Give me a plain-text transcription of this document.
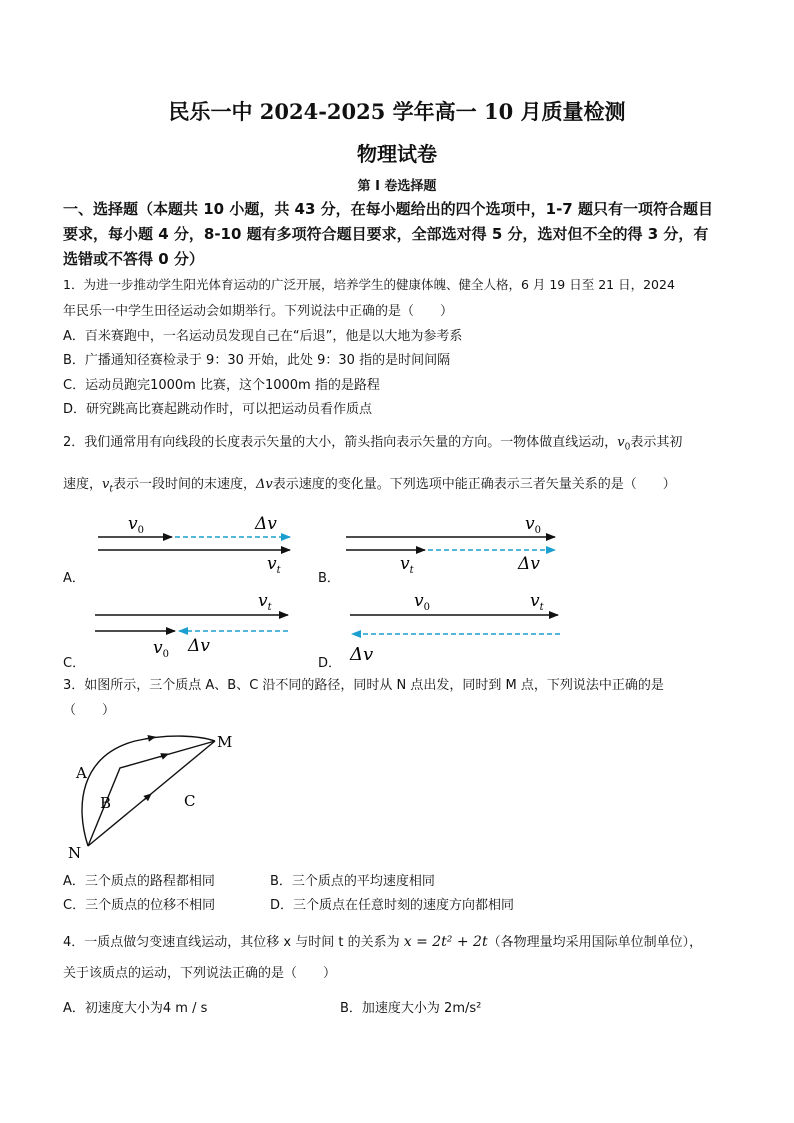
民乐一中 2024-2025 学年高一 10 月质量检测
物理试卷
第 I 卷选择题
一、选择题（本题共 10 小题，共 43 分，在每小题给出的四个选项中，1-7 题只有一项符合题目
要求，每小题 4 分，8-10 题有多项符合题目要求，全部选对得 5 分，选对但不全的得 3 分，有
选错或不答得 0 分）
1．为进一步推动学生阳光体育运动的广泛开展，培养学生的健康体魄、健全人格，6 月 19 日至 21 日，2024
年民乐一中学生田径运动会如期举行。下列说法中正确的是（　　）
A．百米赛跑中，一名运动员发现自己在“后退”，他是以大地为参考系
B．广播通知径赛检录于 9：30 开始，此处 9：30 指的是时间间隔
C．运动员跑完1000m 比赛，这个1000m 指的是路程
D．研究跳高比赛起跳动作时，可以把运动员看作质点
2．我们通常用有向线段的长度表示矢量的大小，箭头指向表示矢量的方向。一物体做直线运动，$v_0$表示其初
速度，$v_t$表示一段时间的末速度，Δv表示速度的变化量。下列选项中能正确表示三者矢量关系的是（　　）
A．	B．
C．	D．
$v_0$	Δv
$v_t$
$v_0$
$v_t$	Δv
$v_t$
$v_0$ Δv
$v_0$	$v_t$
Δv
3．如图所示，三个质点 A、B、C 沿不同的路径，同时从 N 点出发，同时到 M 点，下列说法中正确的是
（　　）
A
B	C
M
N
A．三个质点的路程都相同	B．三个质点的平均速度相同
C．三个质点的位移不相同	D．三个质点在任意时刻的速度方向都相同
4．一质点做匀变速直线运动，其位移 x 与时间 t 的关系为 x = 2t² + 2t（各物理量均采用国际单位制单位），
关于该质点的运动，下列说法正确的是（　　）
A．初速度大小为4 m / s	B．加速度大小为 2m/s²
